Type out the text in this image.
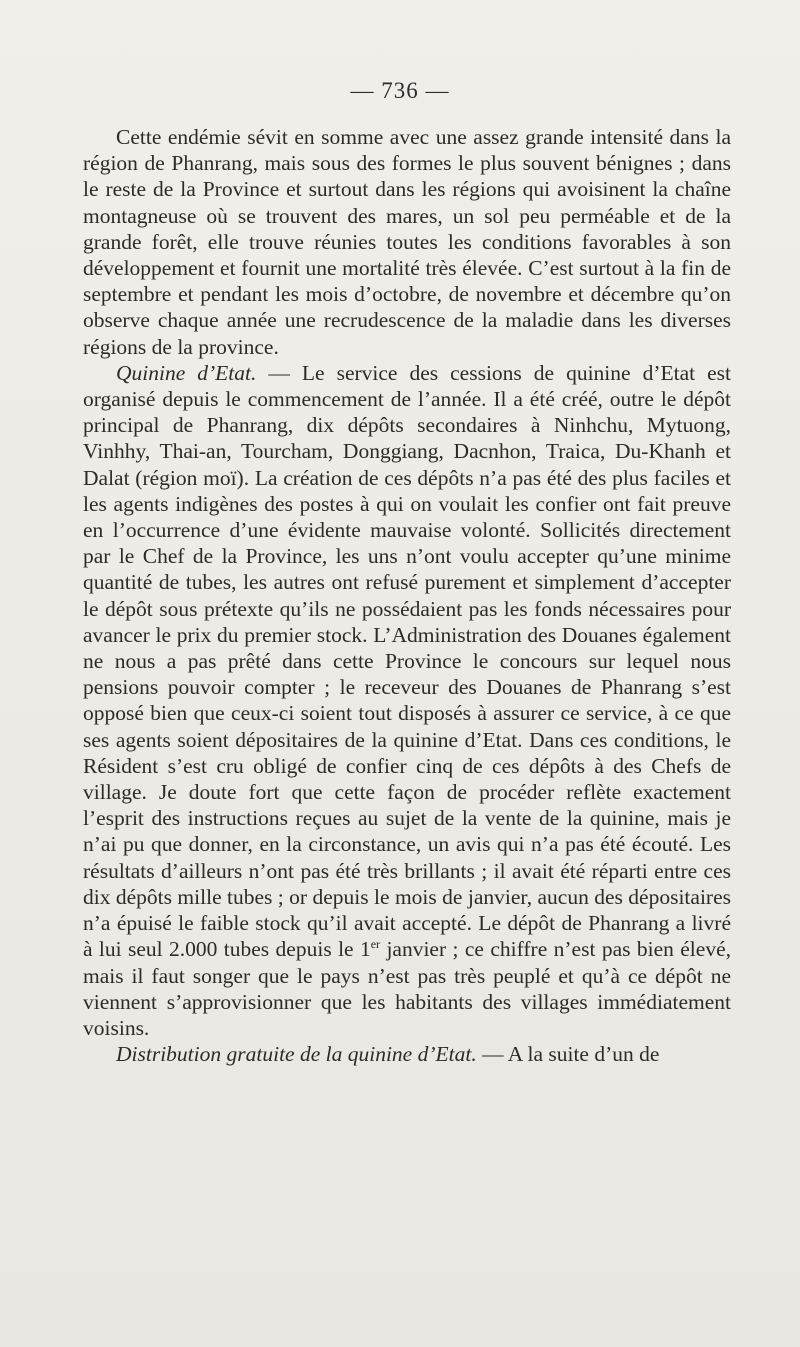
— 736 —

Cette endémie sévit en somme avec une assez grande intensité dans la région de Phanrang, mais sous des formes le plus souvent bénignes ; dans le reste de la Province et surtout dans les régions qui avoisinent la chaîne montagneuse où se trouvent des mares, un sol peu perméable et de la grande forêt, elle trouve réunies toutes les conditions favorables à son développement et fournit une mortalité très élevée. C’est surtout à la fin de septembre et pendant les mois d’octobre, de novembre et décembre qu’on observe chaque année une recrudescence de la maladie dans les diverses régions de la province.

Quinine d’Etat. — Le service des cessions de quinine d’Etat est organisé depuis le commencement de l’année. Il a été créé, outre le dépôt principal de Phanrang, dix dépôts secondaires à Ninhchu, Mytuong, Vinhhy, Thai-an, Tourcham, Donggiang, Dacnhon, Traica, Du-Khanh et Dalat (région moï). La création de ces dépôts n’a pas été des plus faciles et les agents indigènes des postes à qui on voulait les confier ont fait preuve en l’occurrence d’une évidente mauvaise volonté. Sollicités directement par le Chef de la Province, les uns n’ont voulu accepter qu’une minime quantité de tubes, les autres ont refusé purement et simplement d’accepter le dépôt sous prétexte qu’ils ne possédaient pas les fonds nécessaires pour avancer le prix du premier stock. L’Administration des Douanes également ne nous a pas prêté dans cette Province le concours sur lequel nous pensions pouvoir compter ; le receveur des Douanes de Phanrang s’est opposé bien que ceux-ci soient tout disposés à assurer ce service, à ce que ses agents soient dépositaires de la quinine d’Etat. Dans ces conditions, le Résident s’est cru obligé de confier cinq de ces dépôts à des Chefs de village. Je doute fort que cette façon de procéder reflète exactement l’esprit des instructions reçues au sujet de la vente de la quinine, mais je n’ai pu que donner, en la circonstance, un avis qui n’a pas été écouté. Les résultats d’ailleurs n’ont pas été très brillants ; il avait été réparti entre ces dix dépôts mille tubes ; or depuis le mois de janvier, aucun des dépositaires n’a épuisé le faible stock qu’il avait accepté. Le dépôt de Phanrang a livré à lui seul 2.000 tubes depuis le 1er janvier ; ce chiffre n’est pas bien élevé, mais il faut songer que le pays n’est pas très peuplé et qu’à ce dépôt ne viennent s’approvisionner que les habitants des villages immédiatement voisins.

Distribution gratuite de la quinine d’Etat. — A la suite d’un de
